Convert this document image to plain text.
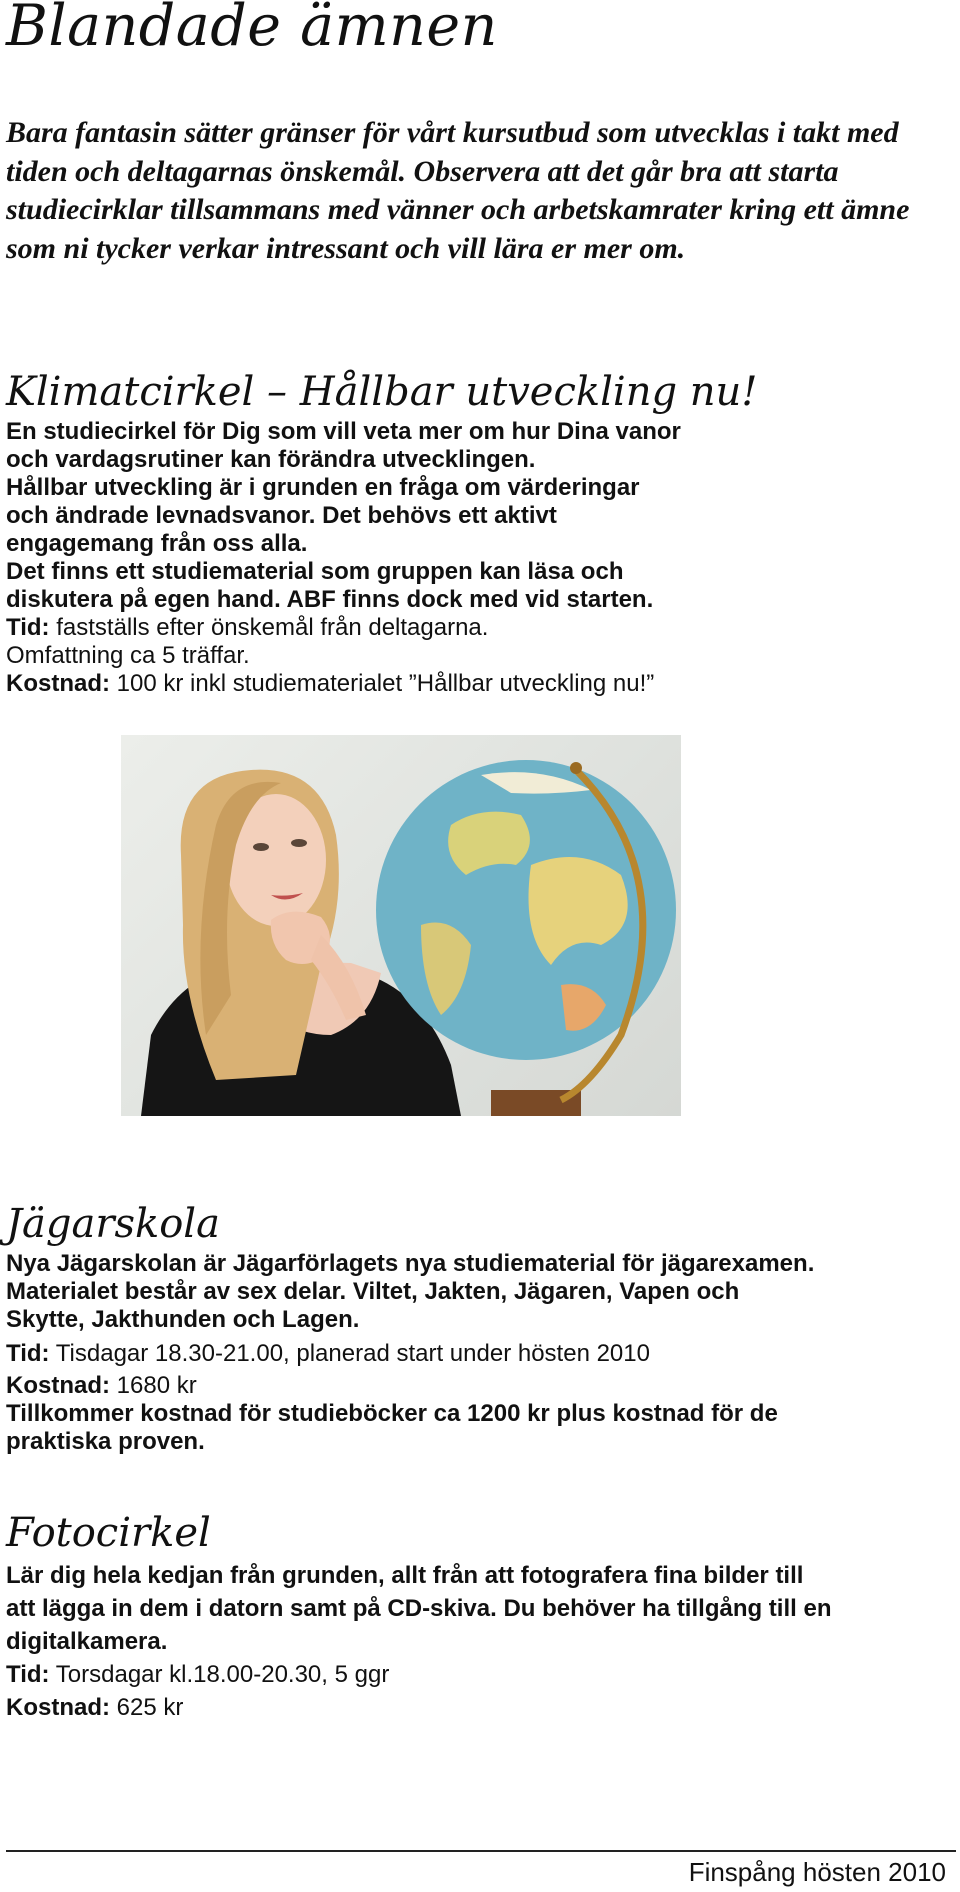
Blandade ämnen

Bara fantasin sätter gränser för vårt kursutbud som utvecklas i takt med tiden och deltagarnas önskemål. Observera att det går bra att starta studiecirklar tillsammans med vänner och arbetskamrater kring ett ämne som ni tycker verkar intressant och vill lära er mer om.

Klimatcirkel – Hållbar utveckling nu!
En studiecirkel för Dig som vill veta mer om hur Dina vanor
och vardagsrutiner kan förändra utvecklingen.
Hållbar utveckling är i grunden en fråga om värderingar
och ändrade levnadsvanor. Det behövs ett aktivt
engagemang från oss alla.
Det finns ett studiematerial som gruppen kan läsa och
diskutera på egen hand. ABF finns dock med vid starten.
Tid: fastställs efter önskemål från deltagarna.
Omfattning ca 5 träffar.
Kostnad: 100 kr inkl studiematerialet ”Hållbar utveckling nu!”
Jägarskola
Nya Jägarskolan är Jägarförlagets nya studiematerial för jägarexamen.
Materialet består av sex delar. Viltet, Jakten, Jägaren, Vapen och
Skytte, Jakthunden och Lagen.
Tid: Tisdagar 18.30-21.00, planerad start under hösten 2010
Kostnad: 1680 kr
Tillkommer kostnad för studieböcker ca 1200 kr plus kostnad för de
praktiska proven.
Fotocirkel
Lär dig hela kedjan från grunden, allt från att fotografera fina bilder till
att lägga in dem i datorn samt på CD-skiva. Du behöver ha tillgång till en
digitalkamera.
Tid: Torsdagar kl.18.00-20.30, 5 ggr
Kostnad: 625 kr

Finspång hösten 2010
